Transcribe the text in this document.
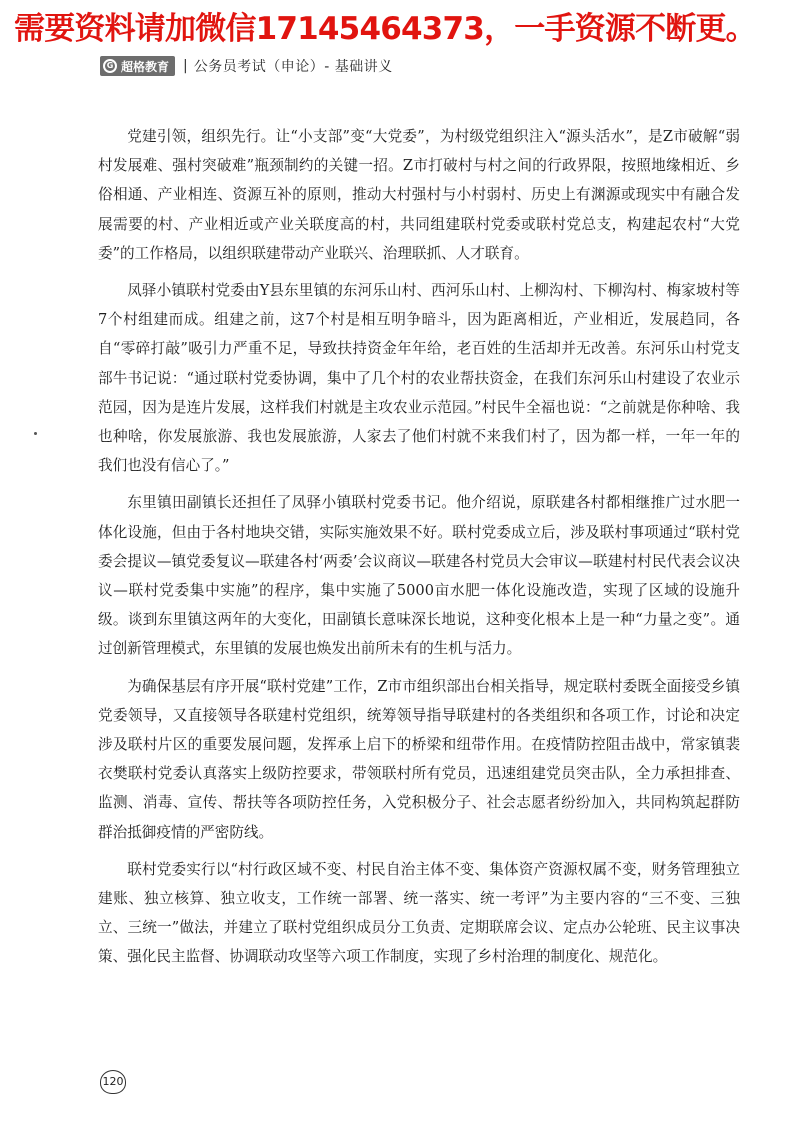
需要资料请加微信17145464373，一手资源不断更。
G 超格教育 | 公务员考试（申论）- 基础讲义

党建引领，组织先行。让“小支部”变“大党委”，为村级党组织注入“源头活水”，是Z市破解“弱村发展难、强村突破难”瓶颈制约的关键一招。Z市打破村与村之间的行政界限，按照地缘相近、乡俗相通、产业相连、资源互补的原则，推动大村强村与小村弱村、历史上有渊源或现实中有融合发展需要的村、产业相近或产业关联度高的村，共同组建联村党委或联村党总支，构建起农村“大党委”的工作格局，以组织联建带动产业联兴、治理联抓、人才联育。

凤驿小镇联村党委由Y县东里镇的东河乐山村、西河乐山村、上柳沟村、下柳沟村、梅家坡村等7个村组建而成。组建之前，这7个村是相互明争暗斗，因为距离相近，产业相近，发展趋同，各自“零碎打敲”吸引力严重不足，导致扶持资金年年给，老百姓的生活却并无改善。东河乐山村党支部牛书记说：“通过联村党委协调，集中了几个村的农业帮扶资金，在我们东河乐山村建设了农业示范园，因为是连片发展，这样我们村就是主攻农业示范园。”村民牛全福也说：“之前就是你种啥、我也种啥，你发展旅游、我也发展旅游，人家去了他们村就不来我们村了，因为都一样，一年一年的我们也没有信心了。”

东里镇田副镇长还担任了凤驿小镇联村党委书记。他介绍说，原联建各村都相继推广过水肥一体化设施，但由于各村地块交错，实际实施效果不好。联村党委成立后，涉及联村事项通过“联村党委会提议—镇党委复议—联建各村‘两委’会议商议—联建各村党员大会审议—联建村村民代表会议决议—联村党委集中实施”的程序，集中实施了5000亩水肥一体化设施改造，实现了区域的设施升级。谈到东里镇这两年的大变化，田副镇长意味深长地说，这种变化根本上是一种“力量之变”。通过创新管理模式，东里镇的发展也焕发出前所未有的生机与活力。

为确保基层有序开展“联村党建”工作，Z市市组织部出台相关指导，规定联村委既全面接受乡镇党委领导，又直接领导各联建村党组织，统筹领导指导联建村的各类组织和各项工作，讨论和决定涉及联村片区的重要发展问题，发挥承上启下的桥梁和纽带作用。在疫情防控阻击战中，常家镇裴衣樊联村党委认真落实上级防控要求，带领联村所有党员，迅速组建党员突击队，全力承担排查、监测、消毒、宣传、帮扶等各项防控任务，入党积极分子、社会志愿者纷纷加入，共同构筑起群防群治抵御疫情的严密防线。

联村党委实行以“村行政区域不变、村民自治主体不变、集体资产资源权属不变，财务管理独立建账、独立核算、独立收支，工作统一部署、统一落实、统一考评”为主要内容的“三不变、三独立、三统一”做法，并建立了联村党组织成员分工负责、定期联席会议、定点办公轮班、民主议事决策、强化民主监督、协调联动攻坚等六项工作制度，实现了乡村治理的制度化、规范化。

120
